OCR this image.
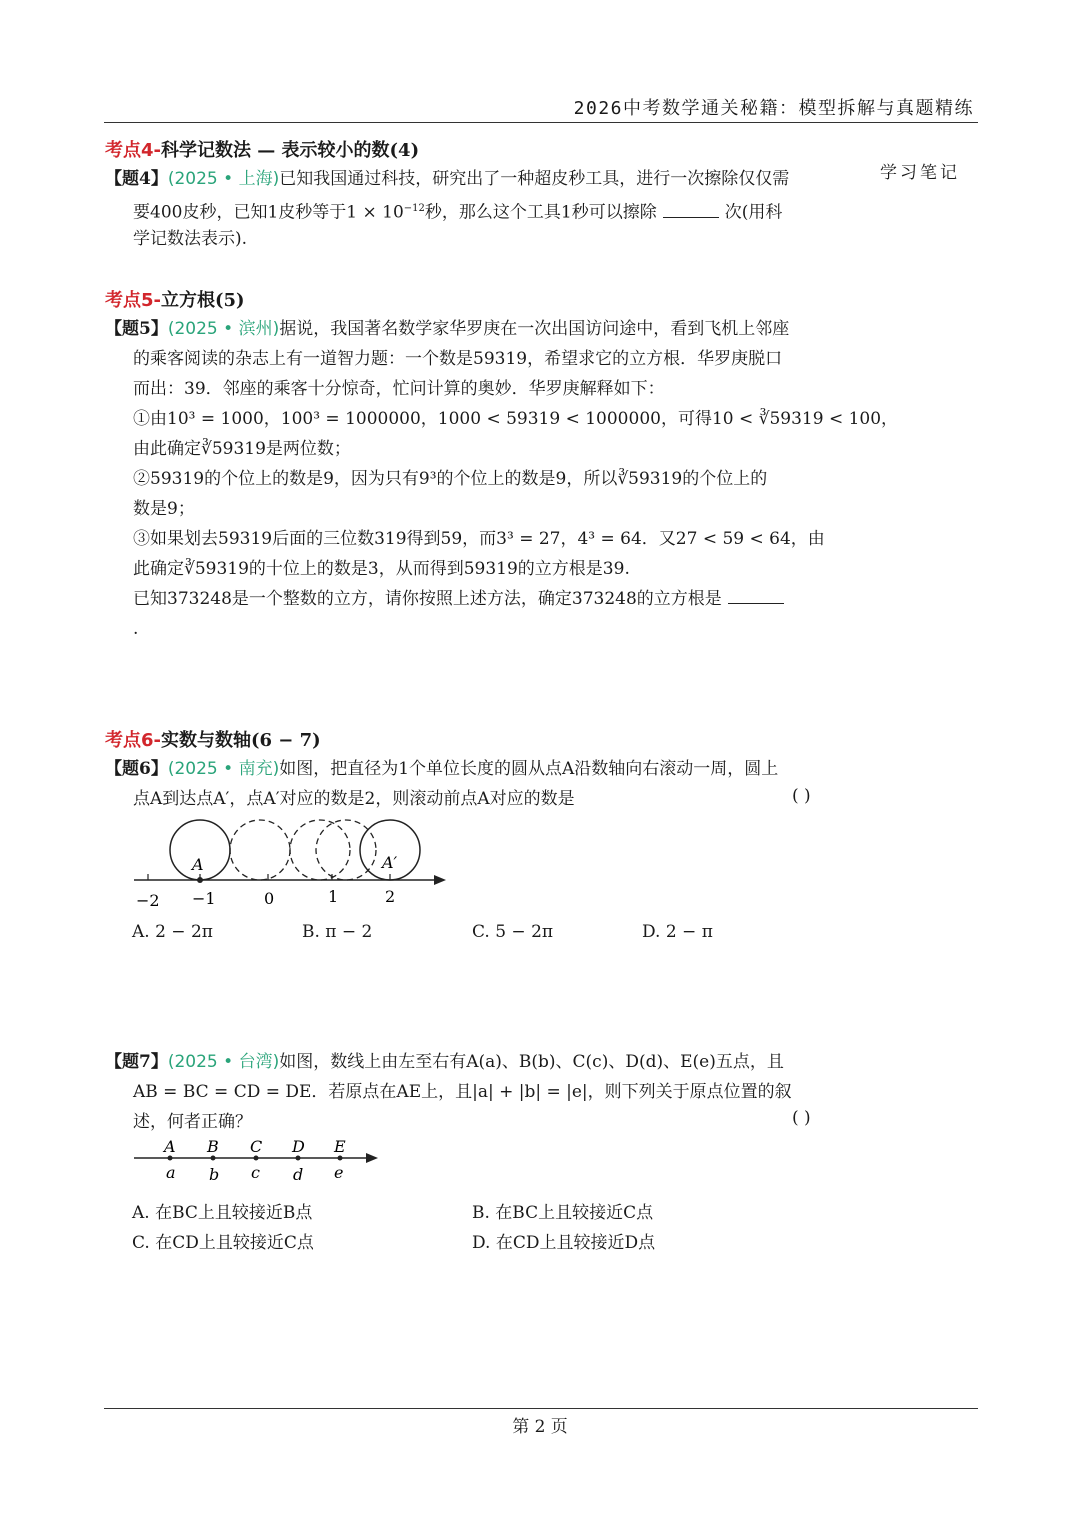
2026中考数学通关秘籍：模型拆解与真题精练
学习笔记
考点4-科学记数法 — 表示较小的数(4)
【题4】(2025 • 上海)已知我国通过科技，研究出了一种超皮秒工具，进行一次擦除仅仅需
要400皮秒，已知1皮秒等于$1 \times 10^{-12}$秒，那么这个工具1秒可以擦除	次(用科
学记数法表示).
考点5-立方根(5)
【题5】(2025 • 滨州)据说，我国著名数学家华罗庚在一次出国访问途中，看到飞机上邻座
的乘客阅读的杂志上有一道智力题：一个数是59319，希望求它的立方根．华罗庚脱口
而出：39．邻座的乘客十分惊奇，忙问计算的奥妙．华罗庚解释如下：
①由10³ = 1000，100³ = 1000000，1000 < 59319 < 1000000，可得10 < ∛59319 < 100，
由此确定∛59319是两位数；
②59319的个位上的数是9，因为只有9³的个位上的数是9，所以∛59319的个位上的
数是9；
③如果划去59319后面的三位数319得到59，而3³ = 27，4³ = 64．又27 < 59 < 64，由
此确定∛59319的十位上的数是3，从而得到59319的立方根是39.
已知373248是一个整数的立方，请你按照上述方法，确定373248的立方根是
.
考点6-实数与数轴(6 − 7)
【题6】(2025 • 南充)如图，把直径为1个单位长度的圆从点A沿数轴向右滚动一周，圆上
点A到达点A′，点A′对应的数是2，则滚动前点A对应的数是	( )
A	A′
−2 −1	0	1	2
A. 2 − 2π	B. π − 2	C. 5 − 2π	D. 2 − π
【题7】(2025 • 台湾)如图，数线上由左至右有A(a)、B(b)、C(c)、D(d)、E(e)五点，且
AB = BC = CD = DE．若原点在AE上，且|a| + |b| = |e|，则下列关于原点位置的叙
述，何者正确？	( )
A B C D E
a b c d e
A. 在BC上且较接近B点	B. 在BC上且较接近C点
C. 在CD上且较接近C点	D. 在CD上且较接近D点
第 2 页
